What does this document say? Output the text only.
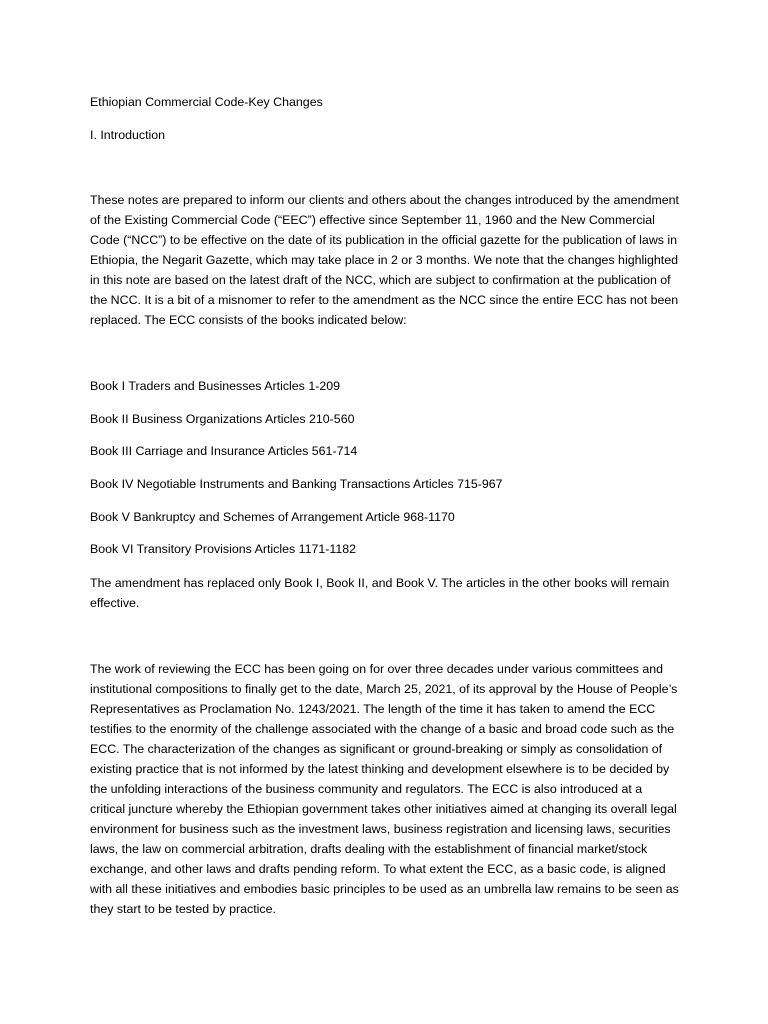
Ethiopian Commercial Code-Key Changes
I. Introduction

These notes are prepared to inform our clients and others about the changes introduced by the amendment of the Existing Commercial Code (“EEC”) effective since September 11, 1960 and the New Commercial Code (“NCC”) to be effective on the date of its publication in the official gazette for the publication of laws in Ethiopia, the Negarit Gazette, which may take place in 2 or 3 months. We note that the changes highlighted in this note are based on the latest draft of the NCC, which are subject to confirmation at the publication of the NCC. It is a bit of a misnomer to refer to the amendment as the NCC since the entire ECC has not been replaced. The ECC consists of the books indicated below:

Book I Traders and Businesses Articles 1-209
Book II Business Organizations Articles 210-560
Book III Carriage and Insurance Articles 561-714
Book IV Negotiable Instruments and Banking Transactions Articles 715-967
Book V Bankruptcy and Schemes of Arrangement Article 968-1170
Book VI Transitory Provisions Articles 1171-1182

The amendment has replaced only Book I, Book II, and Book V. The articles in the other books will remain effective.

The work of reviewing the ECC has been going on for over three decades under various committees and institutional compositions to finally get to the date, March 25, 2021, of its approval by the House of People’s Representatives as Proclamation No. 1243/2021. The length of the time it has taken to amend the ECC testifies to the enormity of the challenge associated with the change of a basic and broad code such as the ECC. The characterization of the changes as significant or ground-breaking or simply as consolidation of existing practice that is not informed by the latest thinking and development elsewhere is to be decided by the unfolding interactions of the business community and regulators. The ECC is also introduced at a critical juncture whereby the Ethiopian government takes other initiatives aimed at changing its overall legal environment for business such as the investment laws, business registration and licensing laws, securities laws, the law on commercial arbitration, drafts dealing with the establishment of financial market/stock exchange, and other laws and drafts pending reform. To what extent the ECC, as a basic code, is aligned with all these initiatives and embodies basic principles to be used as an umbrella law remains to be seen as they start to be tested by practice.
